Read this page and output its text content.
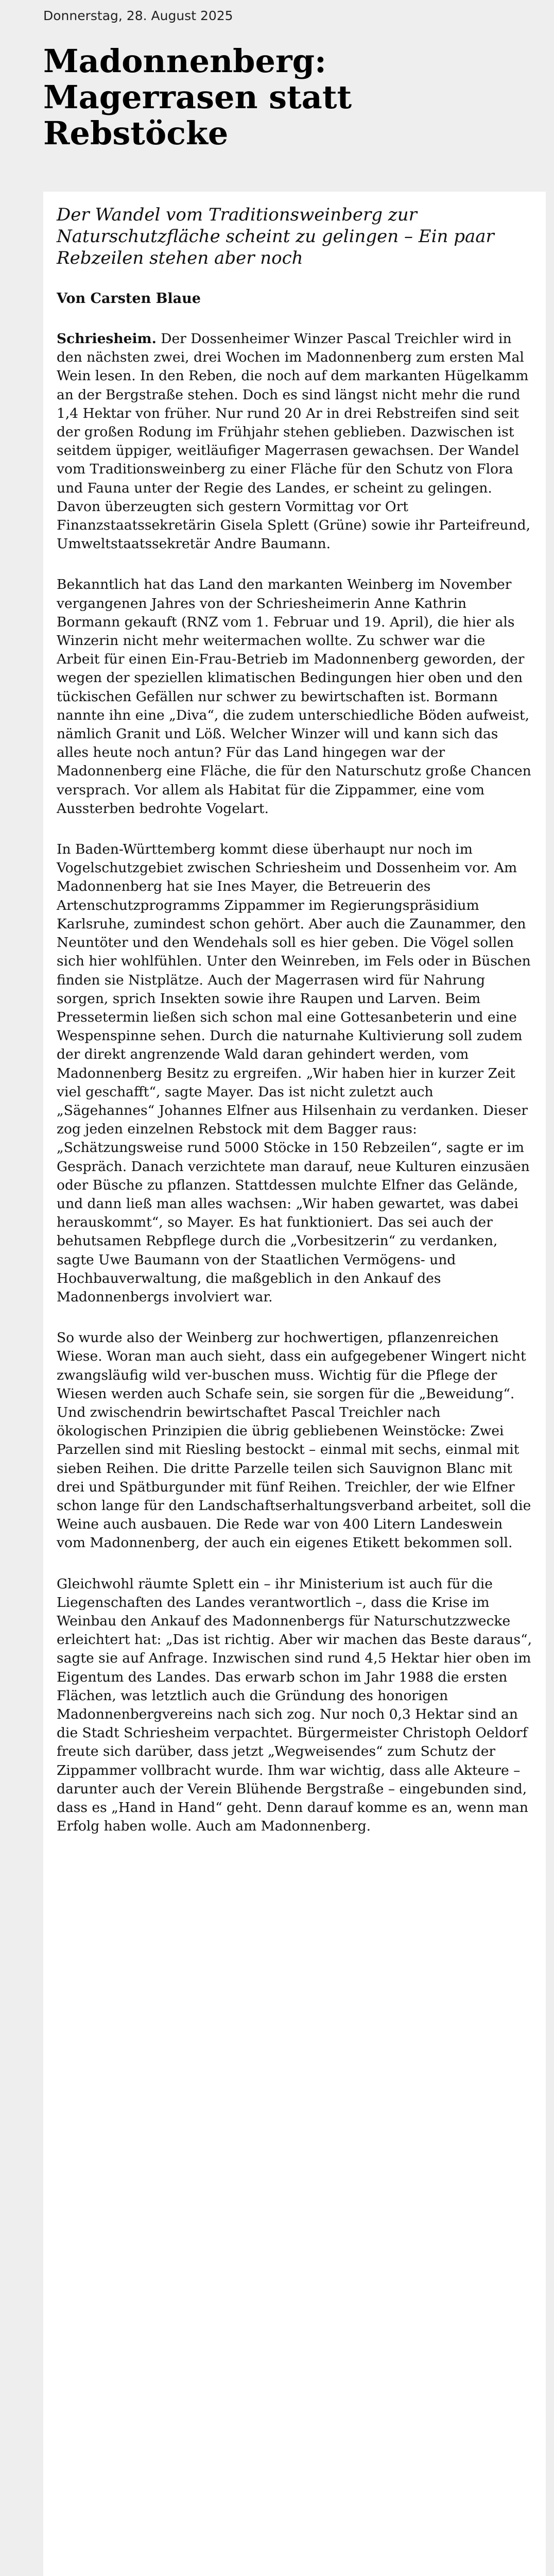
Donnerstag, 28. August 2025
Madonnenberg: Magerrasen statt Rebstöcke

Der Wandel vom Traditionsweinberg zur Naturschutzfläche scheint zu gelingen – Ein paar Rebzeilen stehen aber noch

Von Carsten Blaue

Schriesheim. Der Dossenheimer Winzer Pascal Treichler wird in den nächsten zwei, drei Wochen im Madonnenberg zum ersten Mal Wein lesen. In den Reben, die noch auf dem markanten Hügelkamm an der Bergstraße stehen. Doch es sind längst nicht mehr die rund 1,4 Hektar von früher. Nur rund 20 Ar in drei Rebstreifen sind seit der großen Rodung im Frühjahr stehen geblieben. Dazwischen ist seitdem üppiger, weitläufiger Magerrasen gewachsen. Der Wandel vom Traditionsweinberg zu einer Fläche für den Schutz von Flora und Fauna unter der Regie des Landes, er scheint zu gelingen. Davon überzeugten sich gestern Vormittag vor Ort Finanzstaatssekretärin Gisela Splett (Grüne) sowie ihr Parteifreund, Umweltstaatssekretär Andre Baumann.

Bekanntlich hat das Land den markanten Weinberg im November vergangenen Jahres von der Schriesheimerin Anne Kathrin Bormann gekauft (RNZ vom 1. Februar und 19. April), die hier als Winzerin nicht mehr weitermachen wollte. Zu schwer war die Arbeit für einen Ein-Frau-Betrieb im Madonnenberg geworden, der wegen der speziellen klimatischen Bedingungen hier oben und den tückischen Gefällen nur schwer zu bewirtschaften ist. Bormann nannte ihn eine „Diva“, die zudem unterschiedliche Böden aufweist, nämlich Granit und Löß. Welcher Winzer will und kann sich das alles heute noch antun? Für das Land hingegen war der Madonnenberg eine Fläche, die für den Naturschutz große Chancen versprach. Vor allem als Habitat für die Zippammer, eine vom Aussterben bedrohte Vogelart.

In Baden-Württemberg kommt diese überhaupt nur noch im Vogelschutzgebiet zwischen Schriesheim und Dossenheim vor. Am Madonnenberg hat sie Ines Mayer, die Betreuerin des Artenschutzprogramms Zippammer im Regierungspräsidium Karlsruhe, zumindest schon gehört. Aber auch die Zaunammer, den Neuntöter und den Wendehals soll es hier geben. Die Vögel sollen sich hier wohlfühlen. Unter den Weinreben, im Fels oder in Büschen finden sie Nistplätze. Auch der Magerrasen wird für Nahrung sorgen, sprich Insekten sowie ihre Raupen und Larven. Beim Pressetermin ließen sich schon mal eine Gottesanbeterin und eine Wespenspinne sehen. Durch die naturnahe Kultivierung soll zudem der direkt angrenzende Wald daran gehindert werden, vom Madonnenberg Besitz zu ergreifen. „Wir haben hier in kurzer Zeit viel geschafft“, sagte Mayer. Das ist nicht zuletzt auch „Sägehannes“ Johannes Elfner aus Hilsenhain zu verdanken. Dieser zog jeden einzelnen Rebstock mit dem Bagger raus: „Schätzungsweise rund 5000 Stöcke in 150 Rebzeilen“, sagte er im Gespräch. Danach verzichtete man darauf, neue Kulturen einzusäen oder Büsche zu pflanzen. Stattdessen mulchte Elfner das Gelände, und dann ließ man alles wachsen: „Wir haben gewartet, was dabei herauskommt“, so Mayer. Es hat funktioniert. Das sei auch der behutsamen Rebpflege durch die „Vorbesitzerin“ zu verdanken, sagte Uwe Baumann von der Staatlichen Vermögens- und Hochbauverwaltung, die maßgeblich in den Ankauf des Madonnenbergs involviert war.

So wurde also der Weinberg zur hochwertigen, pflanzenreichen Wiese. Woran man auch sieht, dass ein aufgegebener Wingert nicht zwangsläufig wild ver-buschen muss. Wichtig für die Pflege der Wiesen werden auch Schafe sein, sie sorgen für die „Beweidung“. Und zwischendrin bewirtschaftet Pascal Treichler nach ökologischen Prinzipien die übrig gebliebenen Weinstöcke: Zwei Parzellen sind mit Riesling bestockt – einmal mit sechs, einmal mit sieben Reihen. Die dritte Parzelle teilen sich Sauvignon Blanc mit drei und Spätburgunder mit fünf Reihen. Treichler, der wie Elfner schon lange für den Landschaftserhaltungsverband arbeitet, soll die Weine auch ausbauen. Die Rede war von 400 Litern Landeswein vom Madonnenberg, der auch ein eigenes Etikett bekommen soll.

Gleichwohl räumte Splett ein – ihr Ministerium ist auch für die Liegenschaften des Landes verantwortlich –, dass die Krise im Weinbau den Ankauf des Madonnenbergs für Naturschutzzwecke erleichtert hat: „Das ist richtig. Aber wir machen das Beste daraus“, sagte sie auf Anfrage. Inzwischen sind rund 4,5 Hektar hier oben im Eigentum des Landes. Das erwarb schon im Jahr 1988 die ersten Flächen, was letztlich auch die Gründung des honorigen Madonnenbergvereins nach sich zog. Nur noch 0,3 Hektar sind an die Stadt Schriesheim verpachtet. Bürgermeister Christoph Oeldorf freute sich darüber, dass jetzt „Wegweisendes“ zum Schutz der Zippammer vollbracht wurde. Ihm war wichtig, dass alle Akteure – darunter auch der Verein Blühende Bergstraße – eingebunden sind, dass es „Hand in Hand“ geht. Denn darauf komme es an, wenn man Erfolg haben wolle. Auch am Madonnenberg.
